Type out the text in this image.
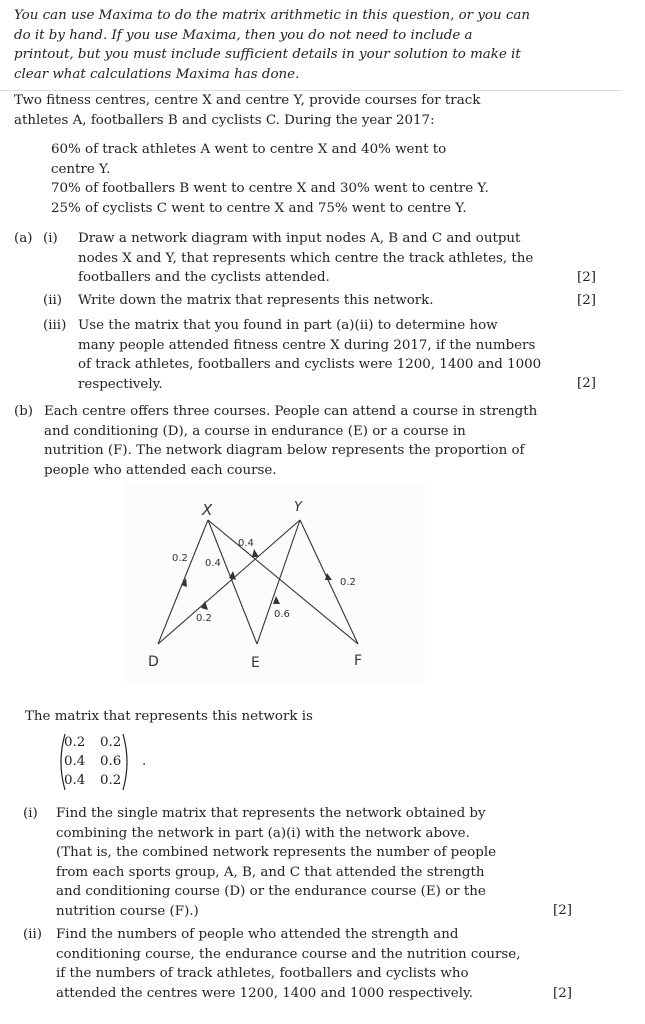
You can use Maxima to do the matrix arithmetic in this question, or you can
do it by hand. If you use Maxima, then you do not need to include a
printout, but you must include sufficient details in your solution to make it
clear what calculations Maxima has done.
Two fitness centres, centre X and centre Y, provide courses for track
athletes A, footballers B and cyclists C. During the year 2017:
60% of track athletes A went to centre X and 40% went to
centre Y.
70% of footballers B went to centre X and 30% went to centre Y.
25% of cyclists C went to centre X and 75% went to centre Y.
(a) (i) Draw a network diagram with input nodes A, B and C and output
nodes X and Y, that represents which centre the track athletes, the
footballers and the cyclists attended.	[2]
(ii) Write down the matrix that represents this network.	[2]
(iii) Use the matrix that you found in part (a)(ii) to determine how
many people attended fitness centre X during 2017, if the numbers
of track athletes, footballers and cyclists were 1200, 1400 and 1000
respectively.	[2]
(b) Each centre offers three courses. People can attend a course in strength
and conditioning (D), a course in endurance (E) or a course in
nutrition (F). The network diagram below represents the proportion of
people who attended each course.
X	Y
D	E	F
0.2 0.4
0.4
0.2	0.6
0.2
The matrix that represents this network is
0.2	0.2
0.4	0.6
0.4	0.2
.
(i) Find the single matrix that represents the network obtained by
combining the network in part (a)(i) with the network above.
(That is, the combined network represents the number of people
from each sports group, A, B, and C that attended the strength
and conditioning course (D) or the endurance course (E) or the
nutrition course (F).)	[2]
(ii) Find the numbers of people who attended the strength and
conditioning course, the endurance course and the nutrition course,
if the numbers of track athletes, footballers and cyclists who
attended the centres were 1200, 1400 and 1000 respectively.	[2]
